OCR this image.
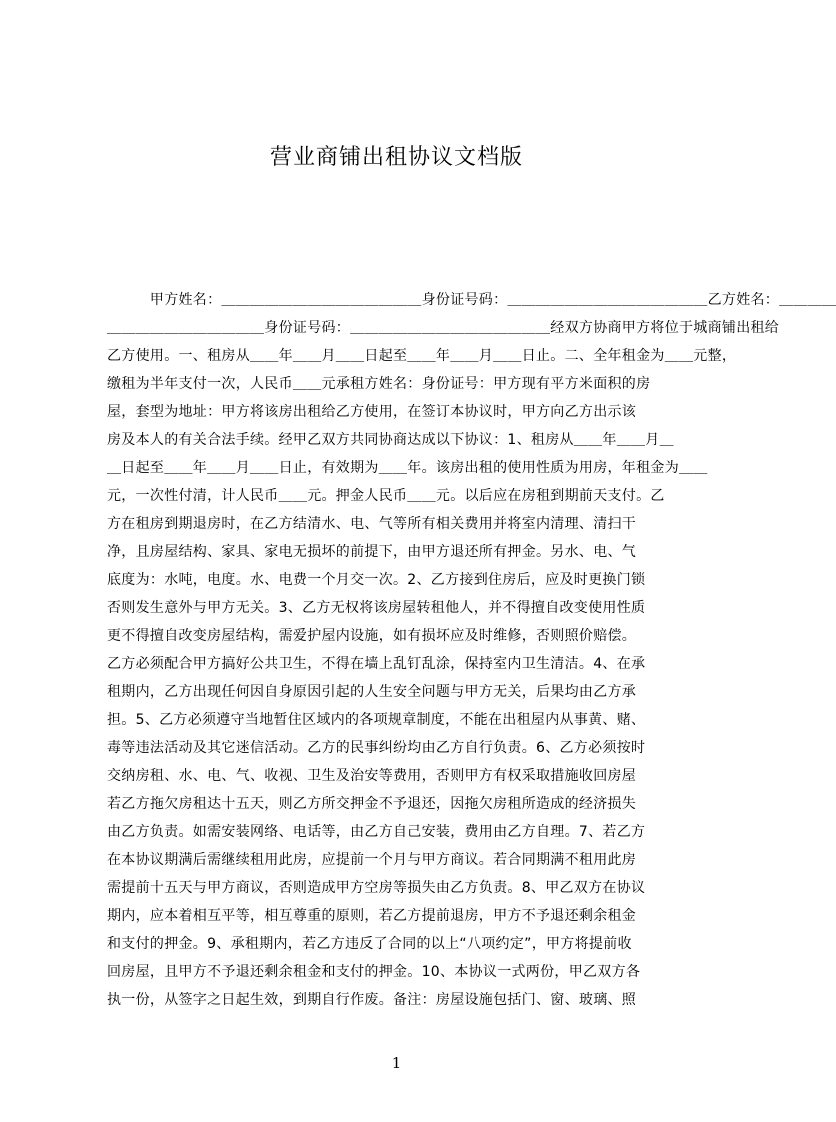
营业商铺出租协议文档版
　　　甲方姓名：＿＿＿＿＿＿＿＿＿＿＿＿＿＿身份证号码：＿＿＿＿＿＿＿＿＿＿＿＿＿＿乙方姓名：＿＿＿＿
＿＿＿＿＿＿＿＿＿＿＿身份证号码：＿＿＿＿＿＿＿＿＿＿＿＿＿＿经双方协商甲方将位于城商铺出租给
乙方使用。一、租房从＿＿年＿＿月＿＿日起至＿＿年＿＿月＿＿日止。二、全年租金为＿＿元整，
缴租为半年支付一次，人民币＿＿元承租方姓名：身份证号：甲方现有平方米面积的房
屋，套型为地址：甲方将该房出租给乙方使用，在签订本协议时，甲方向乙方出示该
房及本人的有关合法手续。经甲乙双方共同协商达成以下协议：1、租房从＿＿年＿＿月＿
＿日起至＿＿年＿＿月＿＿日止，有效期为＿＿年。该房出租的使用性质为用房，年租金为＿＿
元，一次性付清，计人民币＿＿元。押金人民币＿＿元。以后应在房租到期前天支付。乙
方在租房到期退房时，在乙方结清水、电、气等所有相关费用并将室内清理、清扫干
净，且房屋结构、家具、家电无损坏的前提下，由甲方退还所有押金。另水、电、气
底度为：水吨，电度。水、电费一个月交一次。2、乙方接到住房后，应及时更换门锁
否则发生意外与甲方无关。3、乙方无权将该房屋转租他人，并不得擅自改变使用性质
更不得擅自改变房屋结构，需爱护屋内设施，如有损坏应及时维修，否则照价赔偿。
乙方必须配合甲方搞好公共卫生，不得在墙上乱钉乱涂，保持室内卫生清洁。4、在承
租期内，乙方出现任何因自身原因引起的人生安全问题与甲方无关，后果均由乙方承
担。5、乙方必须遵守当地暂住区域内的各项规章制度，不能在出租屋内从事黄、赌、
毒等违法活动及其它迷信活动。乙方的民事纠纷均由乙方自行负责。6、乙方必须按时
交纳房租、水、电、气、收视、卫生及治安等费用，否则甲方有权采取措施收回房屋
若乙方拖欠房租达十五天，则乙方所交押金不予退还，因拖欠房租所造成的经济损失
由乙方负责。如需安装网络、电话等，由乙方自己安装，费用由乙方自理。7、若乙方
在本协议期满后需继续租用此房，应提前一个月与甲方商议。若合同期满不租用此房
需提前十五天与甲方商议，否则造成甲方空房等损失由乙方负责。8、甲乙双方在协议
期内，应本着相互平等，相互尊重的原则，若乙方提前退房，甲方不予退还剩余租金
和支付的押金。9、承租期内，若乙方违反了合同的以上“八项约定”，甲方将提前收
回房屋，且甲方不予退还剩余租金和支付的押金。10、本协议一式两份，甲乙双方各
执一份，从签字之日起生效，到期自行作废。备注：房屋设施包括门、窗、玻璃、照
1
